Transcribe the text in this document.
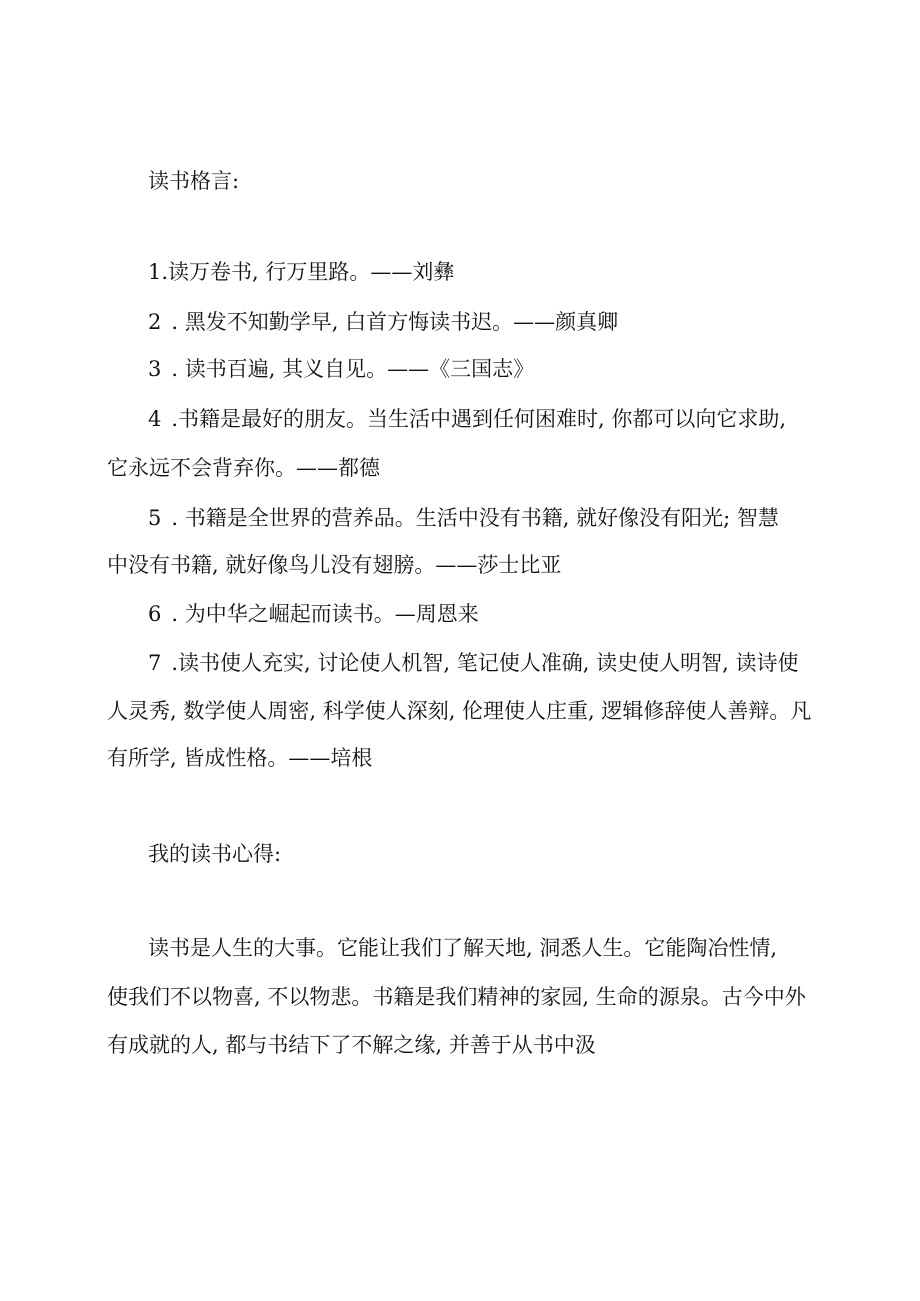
读书格言:

1.读万卷书, 行万里路。——刘彝

2 . 黑发不知勤学早, 白首方悔读书迟。——颜真卿

3 . 读书百遍, 其义自见。——《三国志》

4 .书籍是最好的朋友。当生活中遇到任何困难时, 你都可以向它求助,

它永远不会背弃你。——都德

5 . 书籍是全世界的营养品。生活中没有书籍, 就好像没有阳光; 智慧

中没有书籍, 就好像鸟儿没有翅膀。——莎士比亚

6 . 为中华之崛起而读书。—周恩来

7 .读书使人充实, 讨论使人机智, 笔记使人准确, 读史使人明智, 读诗使

人灵秀, 数学使人周密, 科学使人深刻, 伦理使人庄重, 逻辑修辞使人善辩。凡

有所学, 皆成性格。——培根

我的读书心得:

读书是人生的大事。它能让我们了解天地, 洞悉人生。它能陶冶性情,

使我们不以物喜, 不以物悲。书籍是我们精神的家园, 生命的源泉。古今中外

有成就的人, 都与书结下了不解之缘, 并善于从书中汲
